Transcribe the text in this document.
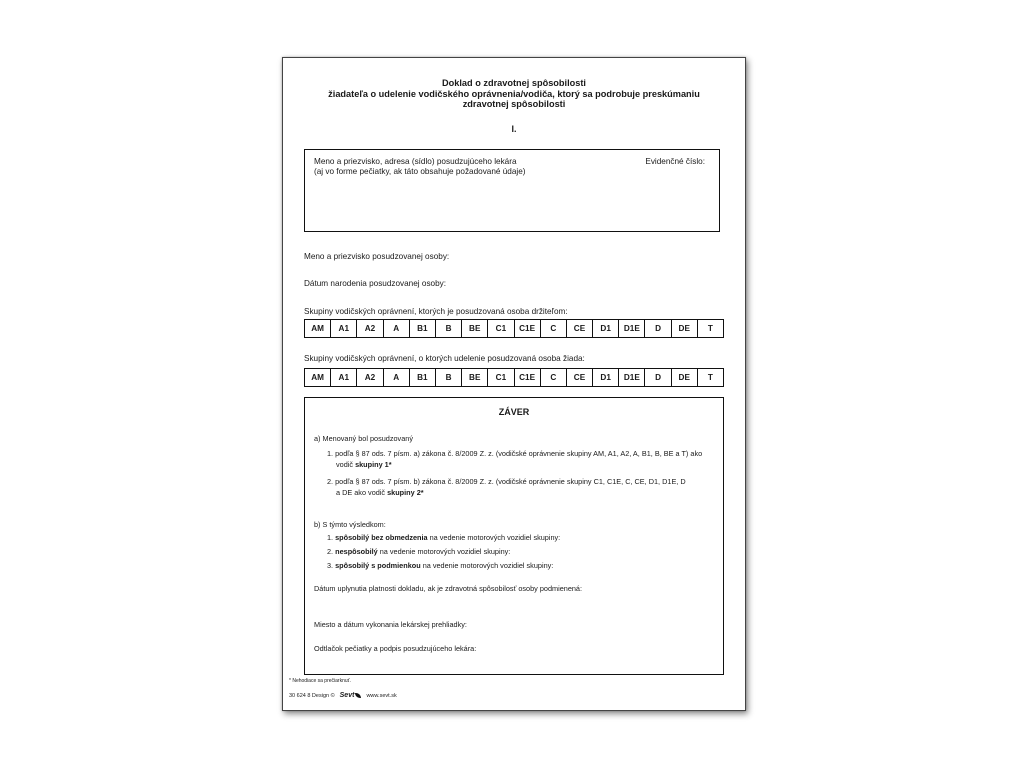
Doklad o zdravotnej spôsobilosti
žiadateľa o udelenie vodičského oprávnenia/vodiča, ktorý sa podrobuje preskúmaniu
zdravotnej spôsobilosti
I.
Meno a priezvisko, adresa (sídlo) posudzujúceho lekára
(aj vo forme pečiatky, ak táto obsahuje požadované údaje)
Evidenčné číslo:
Meno a priezvisko posudzovanej osoby:
Dátum narodenia posudzovanej osoby:
Skupiny vodičských oprávnení, ktorých je posudzovaná osoba držiteľom:
AM	A1	A2	A	B1	B	BE	C1	C1E	C	CE	D1	D1E	D	DE	T
Skupiny vodičských oprávnení, o ktorých udelenie posudzovaná osoba žiada:
AM	A1	A2	A	B1	B	BE	C1	C1E	C	CE	D1	D1E	D	DE	T
ZÁVER
a) Menovaný bol posudzovaný
1. podľa § 87 ods. 7 písm. a) zákona č. 8/2009 Z. z. (vodičské oprávnenie skupiny AM, A1, A2, A, B1, B, BE a T) ako
vodič skupiny 1*
2. podľa § 87 ods. 7 písm. b) zákona č. 8/2009 Z. z. (vodičské oprávnenie skupiny C1, C1E, C, CE, D1, D1E, D
a DE ako vodič skupiny 2*
b) S týmto výsledkom:
1. spôsobilý bez obmedzenia na vedenie motorových vozidiel skupiny:
2. nespôsobilý na vedenie motorových vozidiel skupiny:
3. spôsobilý s podmienkou na vedenie motorových vozidiel skupiny:
Dátum uplynutia platnosti dokladu, ak je zdravotná spôsobilosť osoby podmienená:
Miesto a dátum vykonania lekárskej prehliadky:
Odtlačok pečiatky a podpis posudzujúceho lekára:
* Nehodiace sa prečiarknuť.
30 624 8 Design © Sevt www.sevt.sk
